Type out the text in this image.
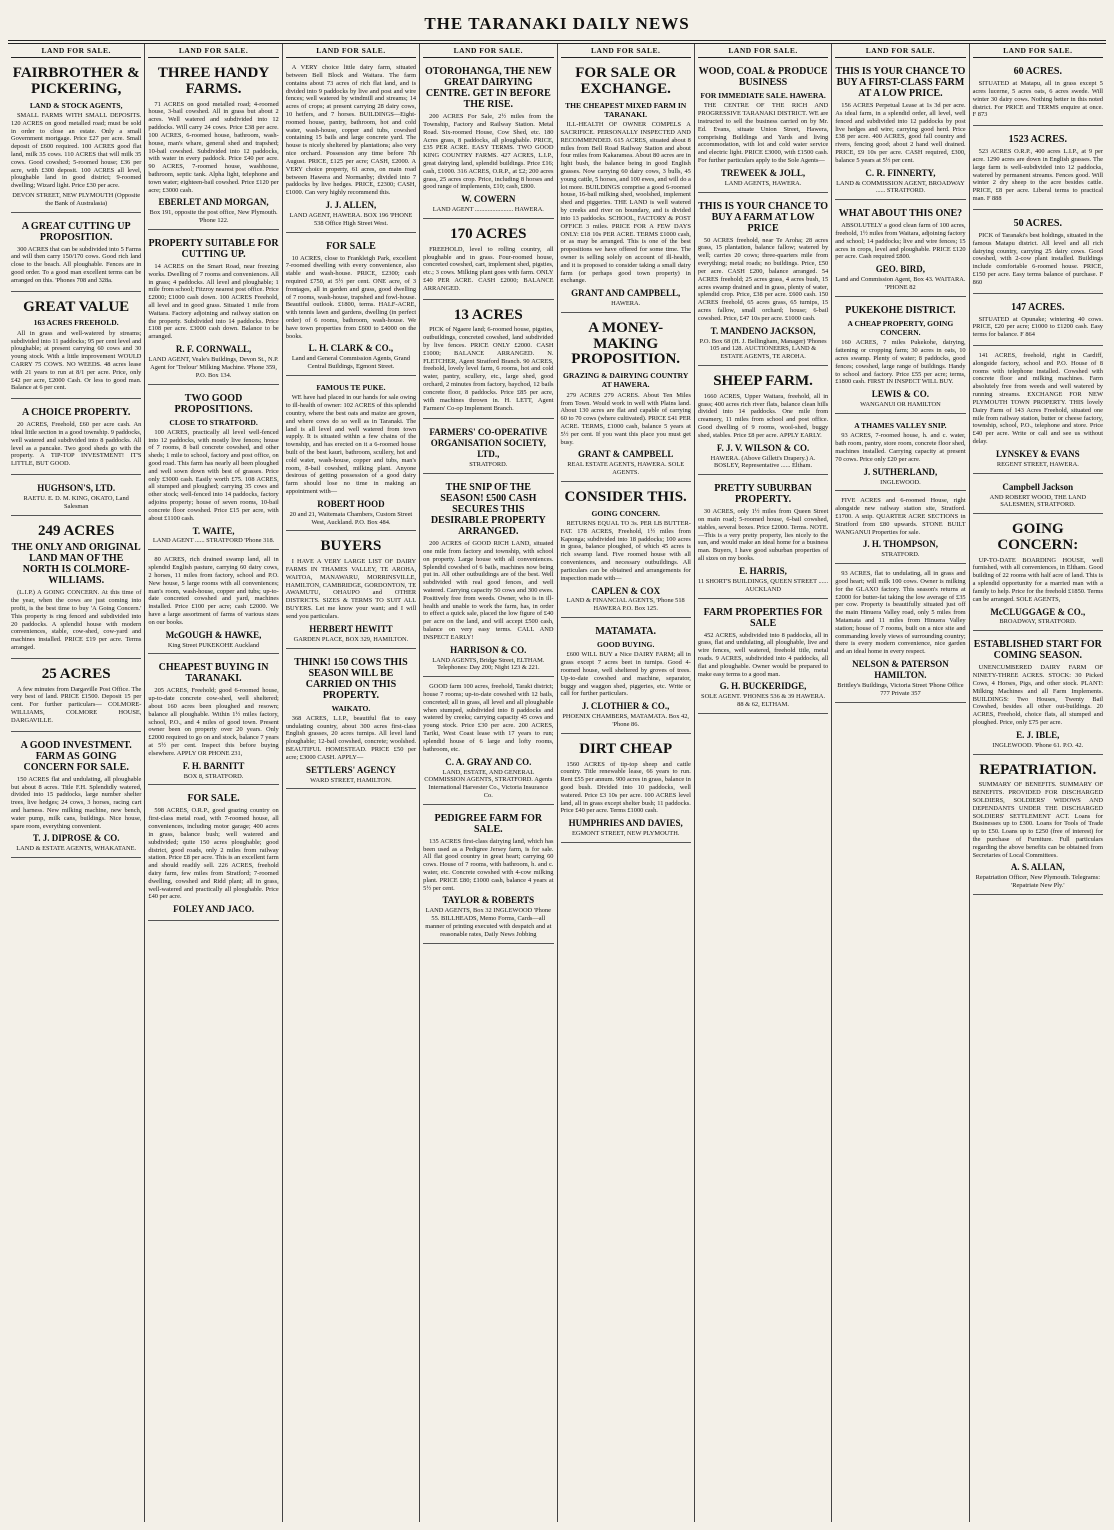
THE TARANAKI DAILY NEWS
LAND FOR SALE.
FAIRBROTHER & PICKERING,
LAND & STOCK AGENTS,

SMALL FARMS WITH SMALL DEPOSITS. 120 ACRES on good metalled road; must be sold in order to close an estate. Only a small Government mortgage. Price £27 per acre. Small deposit of £600 required. 100 ACRES good flat land, milk 35 cows. 110 ACRES that will milk 35 cows. Good cowshed; 5-roomed house; £36 per acre, with £300 deposit. 100 ACRES all level, ploughable land in good district; 9-roomed dwelling; Wizard light. Price £30 per acre.

DEVON STREET, NEW PLYMOUTH (Opposite the Bank of Australasia)
A GREAT CUTTING UP PROPOSITION.

300 ACRES that can be subdivided into 5 Farms and will then carry 150/170 cows. Good rich land close to the beach. All ploughable. Fences are in good order. To a good man excellent terms can be arranged on this. 'Phones 708 and 328a.

GREAT VALUE
163 ACRES FREEHOLD.

All in grass and well-watered by streams; subdivided into 11 paddocks; 95 per cent level and ploughable; at present carrying 60 cows and 30 young stock. With a little improvement WOULD CARRY 75 COWS. NO WEEDS. 48 acres lease with 21 years to run at 8/1 per acre. Price, only £42 per acre, £2000 Cash. Or less to good man. Balance at 6 per cent.

A CHOICE PROPERTY.

20 ACRES, Freehold, £60 per acre cash. An ideal little section in a good township. 9 paddocks, well watered and subdivided into 8 paddocks. All level as a pancake. Two good sheds go with the property. A TIP-TOP INVESTMENT! IT'S LITTLE, BUT GOOD.

HUGHSON'S, LTD.
RAETU. E. D. M. KING, OKATO, Land Salesman
249 ACRES
THE ONLY AND ORIGINAL LAND MAN OF THE NORTH IS COLMORE-WILLIAMS.

(L.I.P.) A GOING CONCERN. At this time of the year, when the cows are just coming into profit, is the best time to buy 'A Going Concern.' This property is ring fenced and subdivided into 20 paddocks. A splendid house with modern conveniences, stable, cow-shed, cow-yard and machines installed. PRICE £19 per acre. Terms arranged.

25 ACRES

A few minutes from Dargaville Post Office. The very best of land. PRICE £1500. Deposit 15 per cent. For further particulars— COLMORE-WILLIAMS, COLMORE HOUSE, DARGAVILLE.

A GOOD INVESTMENT. FARM AS GOING CONCERN FOR SALE.

150 ACRES flat and undulating, all ploughable but about 8 acres. Title F.H. Splendidly watered, divided into 15 paddocks, large number shelter trees, live hedges; 24 cows, 3 horses, racing cart and harness. New milking machine, new bench, water pump, milk cans, buildings. Nice house, spare room, everything convenient.

T. J. DIPROSE & CO.
LAND & ESTATE AGENTS, WHAKATANE.
LAND FOR SALE.
THREE HANDY FARMS.

71 ACRES on good metalled road; 4-roomed house, 3-bail cowshed. All in grass but about 2 acres. Well watered and subdivided into 12 paddocks. Will carry 24 cows. Price £38 per acre. 100 ACRES, 6-roomed house, bathroom, wash-house, man's whare, general shed and trapshed; 10-bail cowshed. Subdivided into 12 paddocks, with water in every paddock. Price £40 per acre. 90 ACRES, 7-roomed house, washhouse, bathroom, septic tank. Alpha light, telephone and town water; eighteen-bail cowshed. Price £120 per acre; £3000 cash.

EBERLET AND MORGAN,
Box 191, opposite the post office, New Plymouth. 'Phone 122.
PROPERTY SUITABLE FOR CUTTING UP.

14 ACRES on the Smart Road, near freezing works. Dwelling of 7 rooms and conveniences. All in grass; 4 paddocks. All level and ploughable; 1 mile from school; Fitzroy nearest post office. Price £2000; £1000 cash down. 100 ACRES Freehold, all level and in good grass. Situated 1 mile from Waitara. Factory adjoining and railway station on the property. Subdivided into 14 paddocks. Price £108 per acre. £3000 cash down. Balance to be arranged.

R. F. CORNWALL,
LAND AGENT, Veale's Buildings, Devon St., N.P. Agent for 'Trelour' Milking Machine. 'Phone 359, P.O. Box 134.
TWO GOOD PROPOSITIONS.
CLOSE TO STRATFORD.

100 ACRES, practically all level well-fenced into 12 paddocks, with mostly live fences; house of 7 rooms, 8 bail concrete cowshed, and other sheds; 1 mile to school, factory and post office, on good road. This farm has nearly all been ploughed and well sown down with best of grasses. Price only £3000 cash. Easily worth £75. 108 ACRES, all stumped and ploughed; carrying 35 cows and other stock; well-fenced into 14 paddocks, factory adjoins property; house of seven rooms, 10-bail concrete floor cowshed. Price £15 per acre, with about £1100 cash.

T. WAITE,
LAND AGENT ...... STRATFORD 'Phone 318.

80 ACRES, rich drained swamp land, all in splendid English pasture, carrying 60 dairy cows, 2 horses, 11 miles from factory, school and P.O. New house, 5 large rooms with all conveniences; man's room, wash-house, copper and tubs; up-to-date concreted cowshed and yard, machines installed. Price £100 per acre; cash £2000. We have a large assortment of farms of various sizes on our books.

McGOUGH & HAWKE,
King Street PUKEKOHE Auckland
CHEAPEST BUYING IN TARANAKI.

205 ACRES, Freehold; good 6-roomed house, up-to-date concrete cow-shed, well sheltered; about 160 acres been ploughed and resown; balance all ploughable. Within 1½ miles factory, school, P.O., and 4 miles of good town. Present owner been on property over 20 years. Only £2000 required to go on and stock, balance 7 years at 5½ per cent. Inspect this before buying elsewhere. APPLY OR PHONE 231,

F. H. BARNITT
BOX 8, STRATFORD.
FOR SALE.

598 ACRES, O.R.P., good grazing country on first-class metal road, with 7-roomed house, all conveniences, including motor garage; 400 acres in grass, balance bush; well watered and subdivided; quite 150 acres ploughable; good district, good roads, only 2 miles from railway station. Price £8 per acre. This is an excellent farm and should readily sell. 226 ACRES, freehold dairy farm, few miles from Stratford; 7-roomed dwelling, cowshed and Ridd plant; all in grass, well-watered and practically all ploughable. Price £40 per acre.

FOLEY AND JACO.
LAND FOR SALE.

A VERY choice little dairy farm, situated between Bell Block and Waitara. The farm contains about 73 acres of rich flat land, and is divided into 9 paddocks by live and post and wire fences; well watered by windmill and streams; 14 acres of crops; at present carrying 28 dairy cows, 10 heifers, and 7 horses. BUILDINGS—Eight-roomed house, pantry, bathroom, hot and cold water, wash-house, copper and tubs, cowshed containing 15 bails and large concrete yard. The house is nicely sheltered by plantations; also very nice orchard. Possession any time before 7th August. PRICE, £125 per acre; CASH, £2000. A VERY choice property, 61 acres, on main road between Hawera and Normanby; divided into 7 paddocks by live hedges. PRICE, £2300; CASH, £1000. Can very highly recommend this.

J. J. ALLEN,
LAND AGENT, HAWERA. BOX 196 'PHONE 538 Office High Street West.
FOR SALE

10 ACRES, close to Frankleigh Park, excellent 7-roomed dwelling with every convenience, also stable and wash-house. PRICE, £2300; cash required £750, at 5½ per cent. ONE acre, of 3 frontages, all in garden and grass, good dwelling of 7 rooms, wash-house, trapshed and fowl-house. Beautiful outlook. £1800, terms. HALF-ACRE, with tennis lawn and gardens, dwelling (in perfect order) of 6 rooms, bathroom, wash-house. We have town properties from £600 to £4000 on the books.

L. H. CLARK & CO.,
Land and General Commission Agents, Grand Central Buildings, Egmont Street.
FAMOUS TE PUKE.

WE have had placed in our hands for sale owing to ill-health of owner: 102 ACRES of this splendid country, where the best oats and maize are grown, and where cows do so well as in Taranaki. The land is all level and well watered from town supply. It is situated within a few chains of the township, and has erected on it a 6-roomed house built of the best kauri, bathroom, scullery, hot and cold water, wash-house, copper and tubs, man's room, 8-bail cowshed, milking plant. Anyone desirous of getting possession of a good dairy farm should lose no time in making an appointment with—

ROBERT HOOD
20 and 21, Waitemata Chambers, Custom Street West, Auckland. P.O. Box 484.
BUYERS

I HAVE A VERY LARGE LIST OF DAIRY FARMS IN THAMES VALLEY, TE AROHA, WAITOA, MANAWARU, MORRINSVILLE, HAMILTON, CAMBRIDGE, GORDONTON, TE AWAMUTU, OHAUPO and OTHER DISTRICTS. SIZES & TERMS TO SUIT ALL BUYERS. Let me know your want; and I will send you particulars.

HERBERT HEWITT
GARDEN PLACE, BOX 329, HAMILTON.
THINK! 150 COWS THIS SEASON WILL BE CARRIED ON THIS PROPERTY.
WAIKATO.

368 ACRES, L.I.P., beautiful flat to easy undulating country, about 300 acres first-class English grasses, 20 acres turnips. All level land ploughable; 12-bail cowshed, concrete; woolshed. BEAUTIFUL HOMESTEAD. PRICE £50 per acre; £3000 CASH. APPLY—

SETTLERS' AGENCY
WARD STREET, HAMILTON.
LAND FOR SALE.
OTOROHANGA, THE NEW GREAT DAIRYING CENTRE. GET IN BEFORE THE RISE.

200 ACRES For Sale, 2½ miles from the Township, Factory and Railway Station. Metal Road. Six-roomed House, Cow Shed, etc. 180 Acres grass, 8 paddocks, all ploughable. PRICE, £35 PER ACRE. EASY TERMS. TWO GOOD KING COUNTRY FARMS. 427 ACRES, L.I.P., great dairying land, splendid buildings. Price £16; cash, £1000. 316 ACRES, O.R.P., at £2; 200 acres grass, 25 acres crop. Price, including 8 horses and good range of implements, £10; cash, £800.

W. COWERN
LAND AGENT ........................ HAWERA.
170 ACRES

FREEHOLD, level to rolling country, all ploughable and in grass. Four-roomed house, concreted cowshed, cart, implement shed, pigsties, etc.; 3 cows. Milking plant goes with farm. ONLY £40 PER ACRE. CASH £2000; BALANCE ARRANGED.

13 ACRES

PICK of Ngaere land; 6-roomed house, pigsties, outbuildings, concreted cowshed, land subdivided by live fences. PRICE ONLY £2000. CASH £1000; BALANCE ARRANGED. N. FLETCHER, Agent Stratford Branch. 90 ACRES, freehold, lovely level farm, 6 rooms, hot and cold water, pantry, scullery, etc., large shed, good orchard, 2 minutes from factory, baychod, 12 bails concrete floor, 8 paddocks. Price £85 per acre, with machines thrown in. H. LETT, Agent Farmers' Co-op Implement Branch.

FARMERS' CO-OPERATIVE ORGANISATION SOCIETY, LTD.,
STRATFORD.
THE SNIP OF THE SEASON! £500 CASH SECURES THIS DESIRABLE PROPERTY ARRANGED.

200 ACRES of GOOD RICH LAND, situated one mile from factory and township, with school on property. Large house with all conveniences. Splendid cowshed of 6 bails, machines now being put in. All other outbuildings are of the best. Well subdivided with real good fences, and well watered. Carrying capacity 50 cows and 300 ewes. Positively free from weeds. Owner, who is in ill-health and unable to work the farm, has, in order to effect a quick sale, placed the low figure of £40 per acre on the land, and will accept £500 cash, balance on very easy terms. CALL AND INSPECT EARLY!

HARRISON & CO.
LAND AGENTS, Bridge Street, ELTHAM. Telephones: Day 200; Night 123 & 221.

GOOD farm 100 acres, freehold, Taraki district; house 7 rooms; up-to-date cowshed with 12 bails, concreted; all in grass, all level and all ploughable when stumped, subdivided into 8 paddocks and watered by creeks; carrying capacity 45 cows and young stock. Price £30 per acre. 200 ACRES, Tariki, West Coast lease with 17 years to run; splendid house of 6 large and lofty rooms, bathroom, etc.

C. A. GRAY AND CO.
LAND, ESTATE, AND GENERAL COMMISSION AGENTS, STRATFORD. Agents International Harvester Co., Victoria Insurance Co.
PEDIGREE FARM FOR SALE.

135 ACRES first-class dairying land, which has been used as a Pedigree Jersey farm, is for sale. All flat good country in great heart; carrying 60 cows. House of 7 rooms, with bathroom, h. and c. water, etc. Concrete cowshed with 4-cow milking plant. PRICE £80; £1000 cash, balance 4 years at 5½ per cent.

TAYLOR & ROBERTS
LAND AGENTS, Box 32 INGLEWOOD 'Phone 55. BILLHEADS, Memo Forms, Cards—all manner of printing executed with despatch and at reasonable rates, Daily News Jobbing
LAND FOR SALE.
FOR SALE OR EXCHANGE.
THE CHEAPEST MIXED FARM IN TARANAKI.

ILL-HEALTH OF OWNER COMPELS A SACRIFICE. PERSONALLY INSPECTED AND RECOMMENDED. 615 ACRES, situated about 8 miles from Bell Road Railway Station and about four miles from Kakaramea. About 80 acres are in light bush, the balance being in good English grasses. Now carrying 60 dairy cows, 3 bulls, 45 young cattle, 5 horses, and 100 ewes, and will do a lot more. BUILDINGS comprise a good 6-roomed house, 16-bail milking shed, woolshed, implement shed and piggeries. THE LAND is well watered by creeks and river on boundary, and is divided into 13 paddocks. SCHOOL, FACTORY & POST OFFICE 3 miles. PRICE FOR A FEW DAYS ONLY: £18 10s PER ACRE. TERMS £1000 cash, or as may be arranged. This is one of the best propositions we have offered for some time. The owner is selling solely on account of ill-health, and it is proposed to consider taking a small dairy farm (or perhaps good town property) in exchange.

GRANT AND CAMPBELL,
HAWERA.
A MONEY-MAKING PROPOSITION.
GRAZING & DAIRYING COUNTRY AT HAWERA.

279 ACRES 279 ACRES. About Ten Miles from Town. Would work in well with Plains land. About 130 acres are flat and capable of carrying 60 to 70 cows (where cultivated). PRICE £41 PER ACRE. TERMS, £1000 cash, balance 5 years at 5½ per cent. If you want this place you must get busy.

GRANT & CAMPBELL
REAL ESTATE AGENTS, HAWERA. SOLE AGENTS.
CONSIDER THIS.
GOING CONCERN.

RETURNS EQUAL TO 3s. PER LB BUTTER-FAT. 178 ACRES, Freehold, 1½ miles from Kaponga; subdivided into 18 paddocks; 100 acres in grass, balance ploughed, of which 45 acres is rich swamp land. Five roomed house with all conveniences, and necessary outbuildings. All particulars can be obtained and arrangements for inspection made with—

CAPLEN & COX
LAND & FINANCIAL AGENTS, 'Phone 518 HAWERA P.O. Box 125.
MATAMATA.
GOOD BUYING.

£600 WILL BUY a Nice DAIRY FARM; all in grass except 7 acres beet in turnips. Good 4-roomed house, well sheltered by groves of trees. Up-to-date cowshed and machine, separator, buggy and waggon shed, piggeries, etc. Write or call for further particulars.

J. CLOTHIER & CO.,
PHOENIX CHAMBERS, MATAMATA. Box 42, 'Phone 86.
DIRT CHEAP

1560 ACRES of tip-top sheep and cattle country. Title renewable lease, 66 years to run. Rent £55 per annum. 900 acres in grass, balance in good bush. Divided into 10 paddocks, well watered. Price £3 10s per acre. 100 ACRES level land, all in grass except shelter bush; 11 paddocks. Price £40 per acre. Terms £1000 cash.

HUMPHRIES AND DAVIES,
EGMONT STREET, NEW PLYMOUTH.
LAND FOR SALE.
WOOD, COAL & PRODUCE BUSINESS
FOR IMMEDIATE SALE. HAWERA.

THE CENTRE OF THE RICH AND PROGRESSIVE TARANAKI DISTRICT. WE are instructed to sell the business carried on by Mr. Ed. Evans, situate Union Street, Hawera, comprising Buildings and Yards and living accommodation, with lot and cold water service and electric light. PRICE £3000, with £1500 cash. For further particulars apply to the Sole Agents—

TREWEEK & JOLL,
LAND AGENTS, HAWERA.
THIS IS YOUR CHANCE TO BUY A FARM AT LOW PRICE

50 ACRES freehold, near Te Aroha; 28 acres grass, 15 plantation, balance fallow; watered by well; carries 20 cows; three-quarters mile from everything; metal roads; no buildings. Price, £50 per acre. CASH £200, balance arranged. 54 ACRES freehold; 25 acres grass, 4 acres bush, 15 acres swamp drained and in grass, plenty of water, splendid crop. Price, £38 per acre. £600 cash. 150 ACRES freehold, 65 acres grass, 65 turnips, 15 acres fallow, small orchard; house; 6-bail cowshed. Price, £47 10s per acre. £1000 cash.

T. MANDENO JACKSON,
P.O. Box 68 (H. J. Bellingham, Manager) 'Phones 105 and 128. AUCTIONEERS, LAND & ESTATE AGENTS, TE AROHA.
SHEEP FARM.

1660 ACRES, Upper Waitara, freehold, all in grass; 400 acres rich river flats, balance clean hills divided into 14 paddocks. One mile from creamery, 11 miles from school and post office. Good dwelling of 9 rooms, wool-shed, buggy shed, stables. Price £8 per acre. APPLY EARLY.

F. J. V. WILSON & CO.
HAWERA. (Above Gillett's Drapery.) A. BOSLEY, Representative ...... Eltham.
PRETTY SUBURBAN PROPERTY.

30 ACRES, only 1½ miles from Queen Street on main road; 5-roomed house, 6-bail cowshed, stables, several boxes. Price £2000. Terms. NOTE.—This is a very pretty property, lies nicely to the sun, and would make an ideal home for a business man. Buyers, I have good suburban properties of all sizes on my books.

E. HARRIS,
11 SHORT'S BUILDINGS, QUEEN STREET ...... AUCKLAND
FARM PROPERTIES FOR SALE

452 ACRES, subdivided into 8 paddocks, all in grass, flat and undulating, all ploughable, live and wire fences, well watered, freehold title, metal roads. 9 ACRES, subdivided into 4 paddocks, all flat and ploughable. Owner would be prepared to make easy terms to a good man.

G. H. BUCKERIDGE,
SOLE AGENT. 'PHONES 536 & 39 HAWERA. 88 & 62, ELTHAM.
LAND FOR SALE.
THIS IS YOUR CHANCE TO BUY A FIRST-CLASS FARM AT A LOW PRICE.

156 ACRES Perpetual Lease at 1s 3d per acre. As ideal farm, in a splendid order, all level, well fenced and subdivided into 12 paddocks by post live hedges and wire; carrying good herd. Price £38 per acre. 400 ACRES, good fall country and rivers, fencing good; about 2 hand well drained. PRICE, £9 10s per acre. CASH required, £300, balance 5 years at 5½ per cent.

C. R. FINNERTY,
LAND & COMMISSION AGENT, BROADWAY ...... STRATFORD.
WHAT ABOUT THIS ONE?

ABSOLUTELY a good clean farm of 100 acres, freehold, 1½ miles from Waitara, adjoining factory and school; 14 paddocks; live and wire fences; 15 acres in crops, level and ploughable. PRICE £120 per acre. Cash required £800.

GEO. BIRD,
Land and Commission Agent, Box 43. WAITARA. 'PHONE 82
PUKEKOHE DISTRICT.
A CHEAP PROPERTY, GOING CONCERN.

160 ACRES, 7 miles Pukekohe, dairying, fattening or cropping farm; 30 acres in oats, 10 acres swamp. Plenty of water; 8 paddocks, good fences; cowshed, large range of buildings. Handy to school and factory. Price £55 per acre; terms, £1800 cash. FIRST IN INSPECT WILL BUY.

LEWIS & CO.
WANGANUI OR HAMILTON
A THAMES VALLEY SNIP.

93 ACRES, 7-roomed house, h. and c. water, bath room, pantry, store room, concrete floor shed, machines installed. Carrying capacity at present 70 cows. Price only £20 per acre.

J. SUTHERLAND,
INGLEWOOD.

FIVE ACRES and 6-roomed House, right alongside new railway station site, Stratford. £1700. A snip. QUARTER ACRE SECTIONS in Stratford from £80 upwards. STONE BUILT WANGANUI Properties for sale.

J. H. THOMPSON,
STRATFORD.

93 ACRES, flat to undulating, all in grass and good heart; will milk 100 cows. Owner is milking for the GLAXO factory. This season's returns at £2000 for butter-fat taking the low average of £35 per cow. Property is beautifully situated just off the main Hinuera Valley road, only 5 miles from Matamata and 11 miles from Hinuera Valley station; house of 7 rooms, built on a nice site and commanding lovely views of surrounding country; there is every modern convenience, nice garden and an ideal home in every respect.

NELSON & PATERSON HAMILTON.
Brittley's Buildings, Victoria Street 'Phone Office 777 Private 357
LAND FOR SALE.
60 ACRES.

SITUATED at Matapu, all in grass except 5 acres lucerne, 5 acres oats, 6 acres swede. Will winter 30 dairy cows. Nothing better in this noted district. For PRICE and TERMS enquire at once. F 873

1523 ACRES.

523 ACRES O.R.P., 400 acres L.I.P., at 9 per acre. 1290 acres are down in English grasses. The large farm is well-subdivided into 12 paddocks, watered by permanent streams. Fences good. Will winter 2 dry sheep to the acre besides cattle. PRICE, £8 per acre. Liberal terms to practical man. F 888

50 ACRES.

PICK of Taranaki's best holdings, situated in the famous Matapu district. All level and all rich dairying country, carrying 25 dairy cows. Good cowshed, with 2-cow plant installed. Buildings include comfortable 6-roomed house. PRICE, £150 per acre. Easy terms balance of purchase. F 860

147 ACRES.

SITUATED at Opunake; wintering 40 cows. PRICE, £20 per acre; £1000 to £1200 cash. Easy terms for balance. F 864

141 ACRES, freehold, right in Cardiff, alongside factory, school and P.O. House of 8 rooms with telephone installed. Cowshed with concrete floor and milking machines. Farm absolutely free from weeds and well watered by running streams. EXCHANGE FOR NEW PLYMOUTH TOWN PROPERTY. THIS lovely Dairy Farm of 143 Acres Freehold, situated one mile from railway station, butter or cheese factory, township, school, P.O., telephone and store. Price £40 per acre. Write or call and see us without delay.

LYNSKEY & EVANS
REGENT STREET, HAWERA.
Campbell Jackson
AND ROBERT WOOD, THE LAND SALESMEN, STRATFORD.
GOING CONCERN:

UP-TO-DATE BOARDING HOUSE, well furnished, with all conveniences, in Eltham. Good building of 22 rooms with half acre of land. This is a splendid opportunity for a married man with a family to help. Price for the freehold £1850. Terms can be arranged. SOLE AGENTS,

McCLUGGAGE & CO.,
BROADWAY, STRATFORD.
ESTABLISHED START FOR COMING SEASON.

UNENCUMBERED DAIRY FARM OF NINETY-THREE ACRES. STOCK: 30 Picked Cows, 4 Horses, Pigs, and other stock. PLANT: Milking Machines and all Farm Implements. BUILDINGS: Two Houses, Twenty Bail Cowshed, besides all other out-buildings. 20 ACRES, Freehold, choice flats, all stumped and ploughed. Price, only £75 per acre.

E. J. IBLE,
INGLEWOOD. 'Phone 61. P.O. 42.
REPATRIATION.

SUMMARY OF BENEFITS. SUMMARY OF BENEFITS. PROVIDED FOR DISCHARGED SOLDIERS, SOLDIERS' WIDOWS AND DEPENDANTS UNDER THE DISCHARGED SOLDIERS' SETTLEMENT ACT. Loans for Businesses up to £300. Loans for Tools of Trade up to £50. Loans up to £250 (free of interest) for the purchase of Furniture. Full particulars regarding the above benefits can be obtained from Secretaries of Local Committees.

A. S. ALLAN,
Repatriation Officer, New Plymouth. Telegrams: 'Repatriate New Ply.'
